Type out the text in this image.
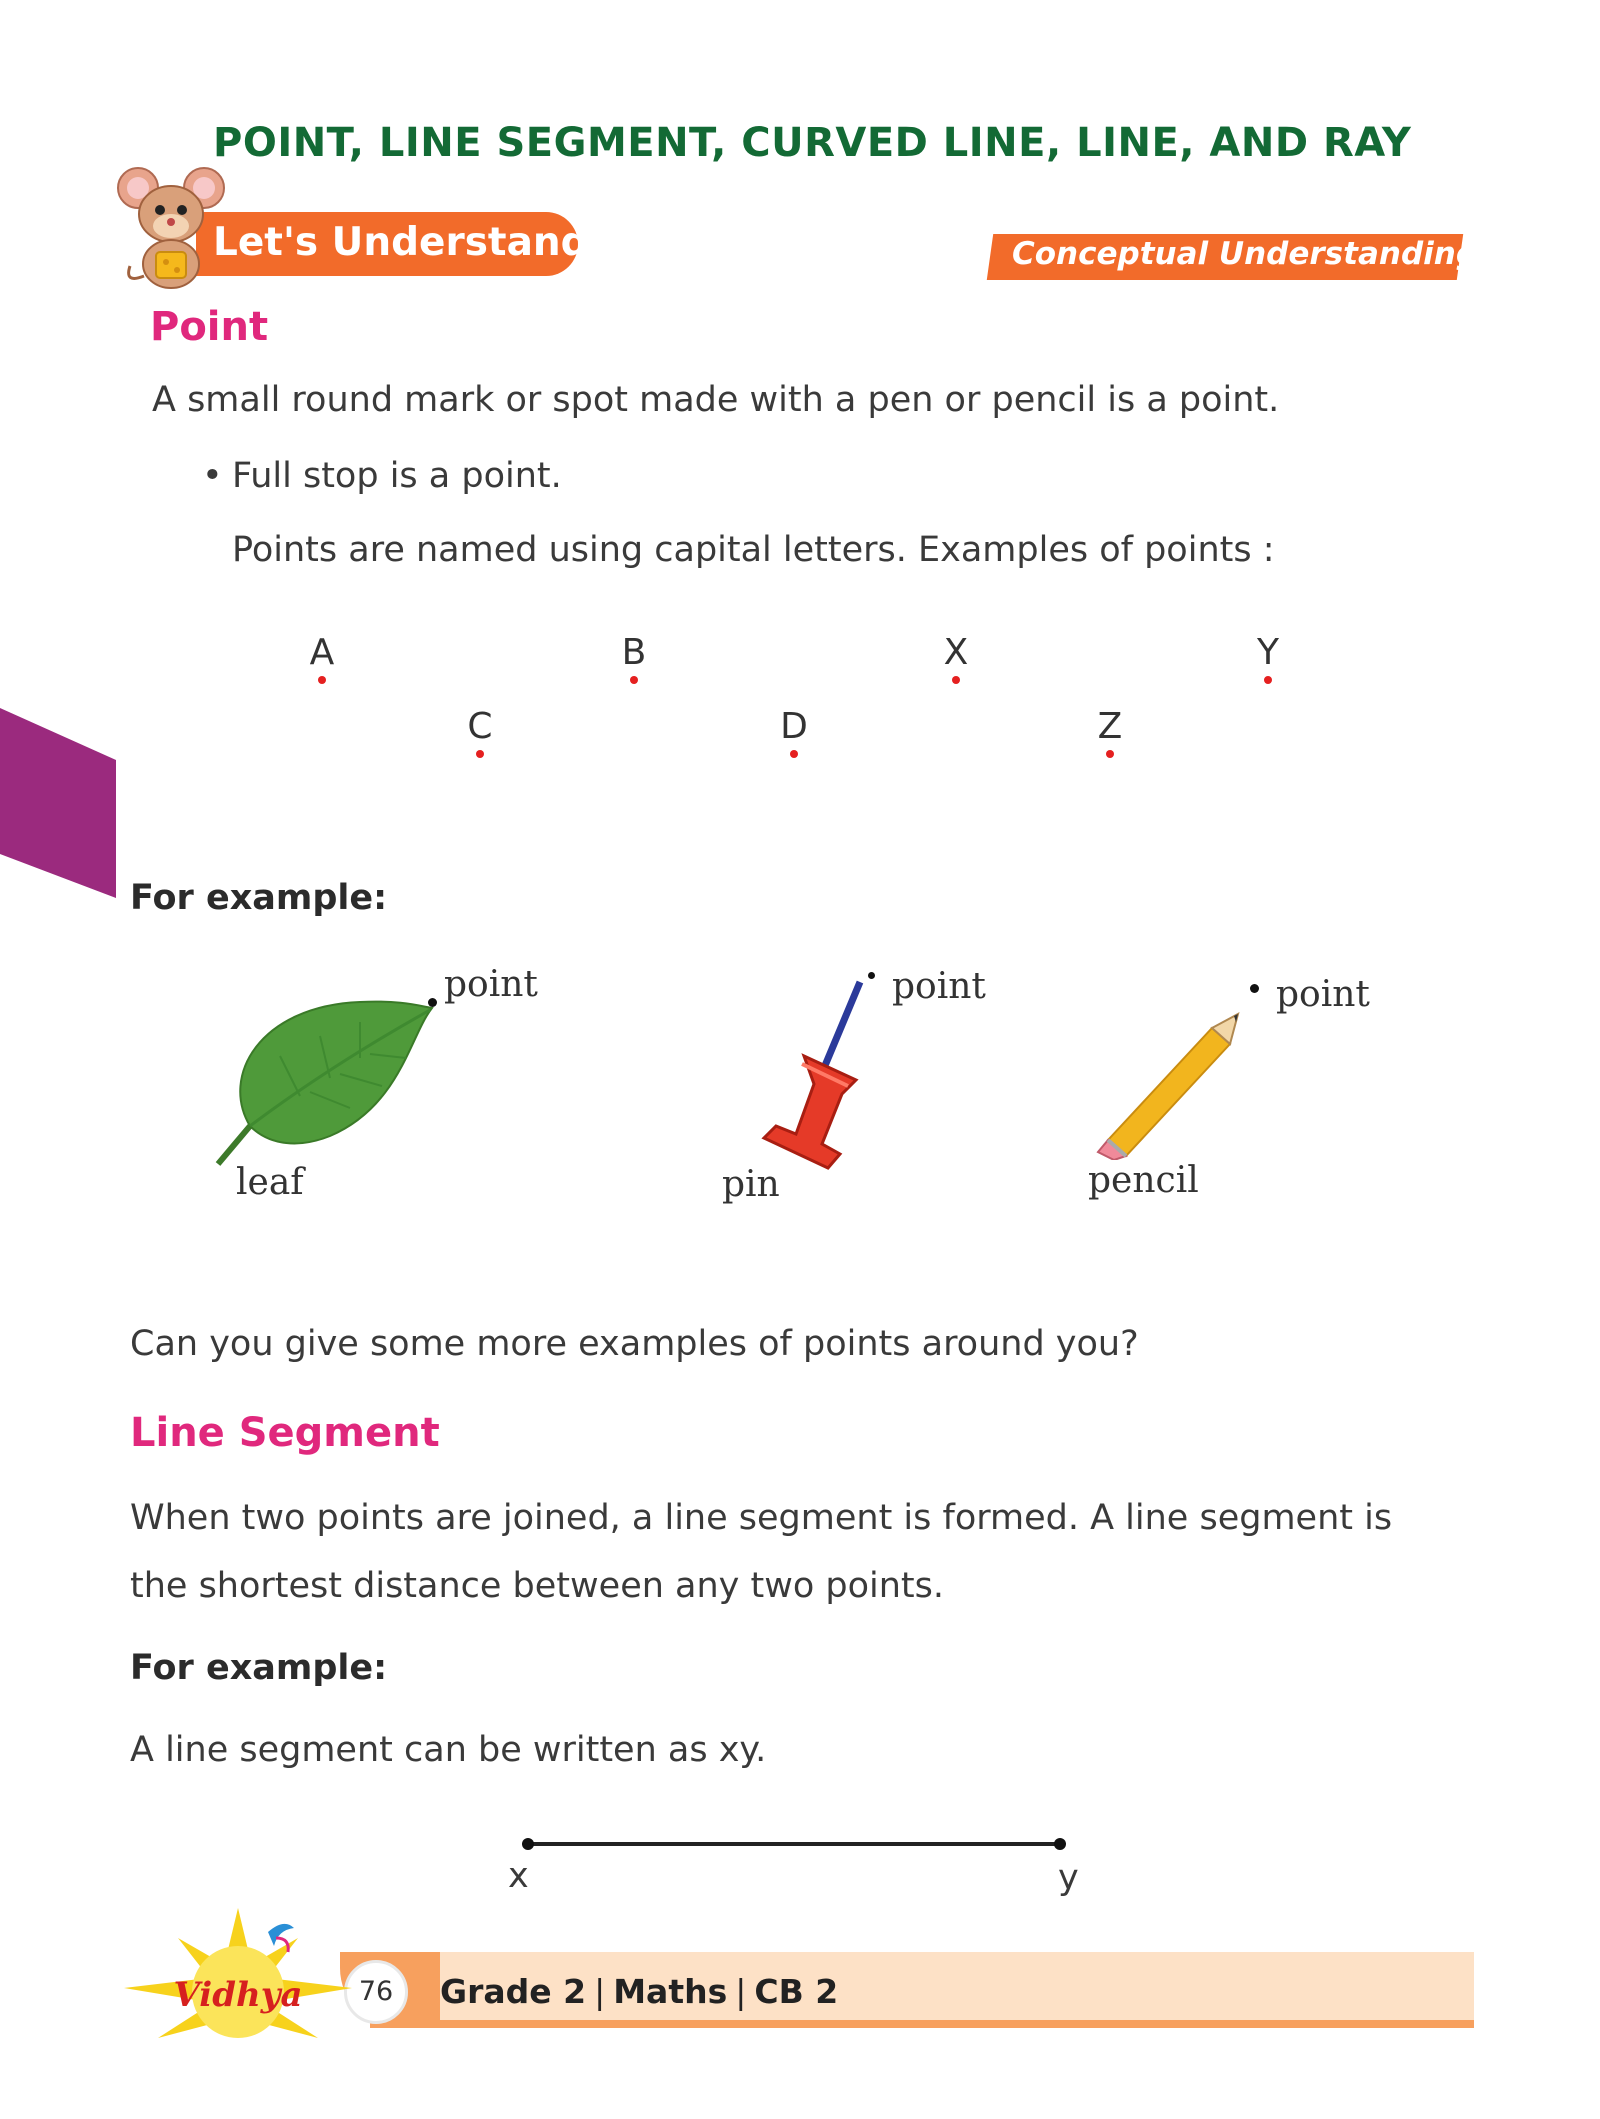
POINT, LINE SEGMENT, CURVED LINE, LINE, AND RAY
Let's Understand	Conceptual Understanding
Point
A small round mark or spot made with a pen or pencil is a point.
• Full stop is a point.
Points are named using capital letters. Examples of points :
A	B	X	Y
C	D	Z
For example:
point
leaf
point
pin
point
pencil
Can you give some more examples of points around you?
Line Segment
When two points are joined, a line segment is formed. A line segment is
the shortest distance between any two points.
For example:
A line segment can be written as xy.
x	y
76	Grade 2 | Maths | CB 2
Vidhya
